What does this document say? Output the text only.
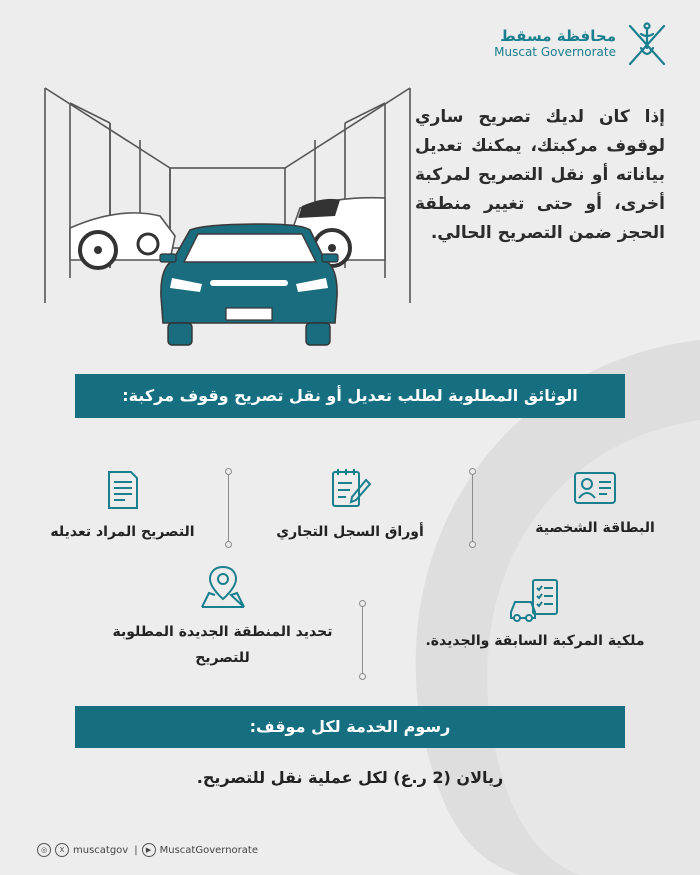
محافظة مسقط
Muscat Governorate
إذا كان لديك تصريح ساري لوقوف مركبتك، يمكنك تعديل بياناته أو نقل التصريح لمركبة أخرى، أو حتى تغيير منطقة الحجز ضمن التصريح الحالي.
الوثائق المطلوبة لطلب تعديل أو نقل تصريح وقوف مركبة:
البطاقة الشخصية
أوراق السجل التجاري
التصريح المراد تعديله
ملكية المركبة السابقة والجديدة.
تحديد المنطقة الجديدة المطلوبة للتصريح
رسوم الخدمة لكل موقف:
ريالان (2 ر.ع) لكل عملية نقل للتصريح.
◎	X muscatgov |	▶ MuscatGovernorate
